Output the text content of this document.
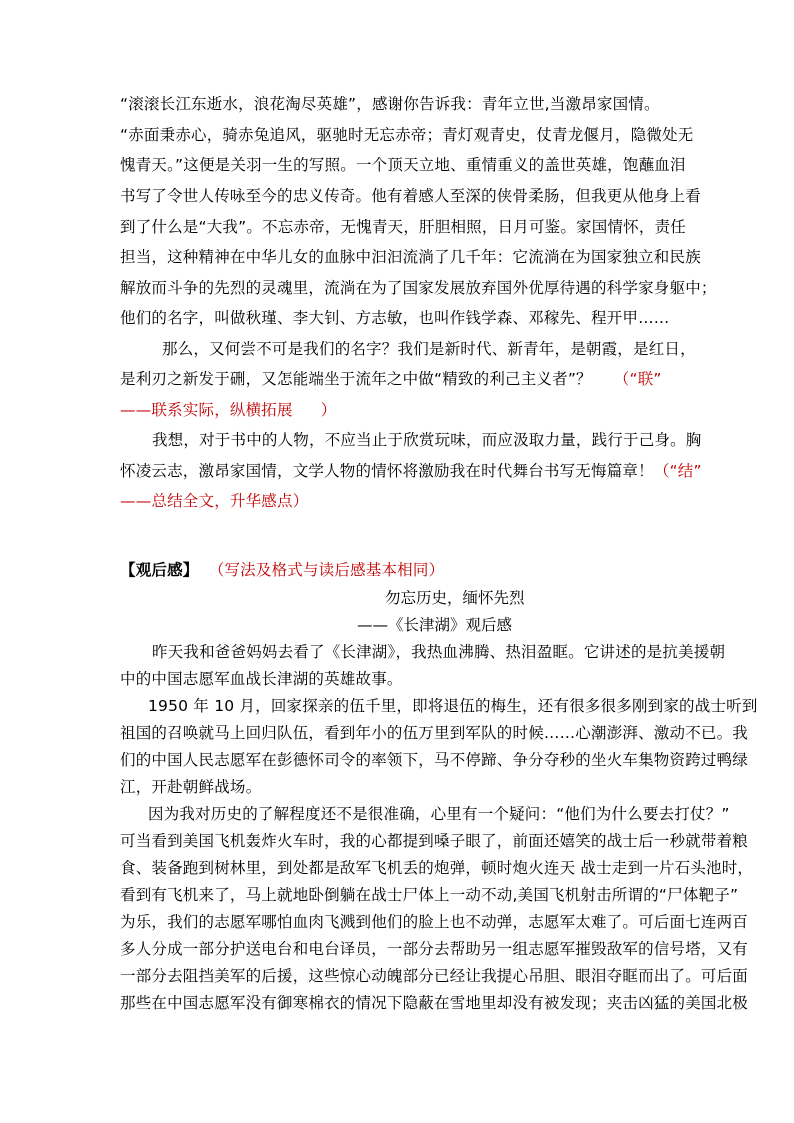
“滚滚长江东逝水，浪花淘尽英雄”，感谢你告诉我：青年立世,当激昂家国情。
“赤面秉赤心，骑赤兔追风，驱驰时无忘赤帝；青灯观青史，仗青龙偃月，隐微处无
愧青天。”这便是关羽一生的写照。一个顶天立地、重情重义的盖世英雄，饱蘸血泪
书写了令世人传咏至今的忠义传奇。他有着感人至深的侠骨柔肠，但我更从他身上看
到了什么是“大我”。不忘赤帝，无愧青天，肝胆相照，日月可鉴。家国情怀，责任
担当，这种精神在中华儿女的血脉中汩汩流淌了几千年：它流淌在为国家独立和民族
解放而斗争的先烈的灵魂里，流淌在为了国家发展放弃国外优厚待遇的科学家身躯中；
他们的名字，叫做秋瑾、李大钊、方志敏，也叫作钱学森、邓稼先、程开甲……
那么，又何尝不可是我们的名字？我们是新时代、新青年，是朝霞，是红日，
是利刃之新发于硎，又怎能端坐于流年之中做“精致的利己主义者”？ （“联”
——联系实际，纵横拓展 ）
我想，对于书中的人物，不应当止于欣赏玩味，而应汲取力量，践行于己身。胸
怀凌云志，激昂家国情，文学人物的情怀将激励我在时代舞台书写无悔篇章！（“结”
——总结全文，升华感点）
【观后感】 （写法及格式与读后感基本相同）
勿忘历史，缅怀先烈
——《长津湖》观后感
昨天我和爸爸妈妈去看了《长津湖》，我热血沸腾、热泪盈眶。它讲述的是抗美援朝
中的中国志愿军血战长津湖的英雄故事。
1950 年 10 月，回家探亲的伍千里，即将退伍的梅生，还有很多很多刚到家的战士听到
祖国的召唤就马上回归队伍，看到年小的伍万里到军队的时候……心潮澎湃、激动不已。我
们的中国人民志愿军在彭德怀司令的率领下，马不停蹄、争分夺秒的坐火车集物资跨过鸭绿
江，开赴朝鲜战场。
因为我对历史的了解程度还不是很准确，心里有一个疑问：“他们为什么要去打仗？”
可当看到美国飞机轰炸火车时，我的心都提到嗓子眼了，前面还嬉笑的战士后一秒就带着粮
食、装备跑到树林里，到处都是敌军飞机丢的炮弹，顿时炮火连天 战士走到一片石头池时，
看到有飞机来了，马上就地卧倒躺在战士尸体上一动不动,美国飞机射击所谓的“尸体靶子”
为乐，我们的志愿军哪怕血肉飞溅到他们的脸上也不动弹，志愿军太难了。可后面七连两百
多人分成一部分护送电台和电台译员，一部分去帮助另一组志愿军摧毁敌军的信号塔，又有
一部分去阻挡美军的后援，这些惊心动魄部分已经让我提心吊胆、眼泪夺眶而出了。可后面
那些在中国志愿军没有御寒棉衣的情况下隐蔽在雪地里却没有被发现；夹击凶猛的美国北极
